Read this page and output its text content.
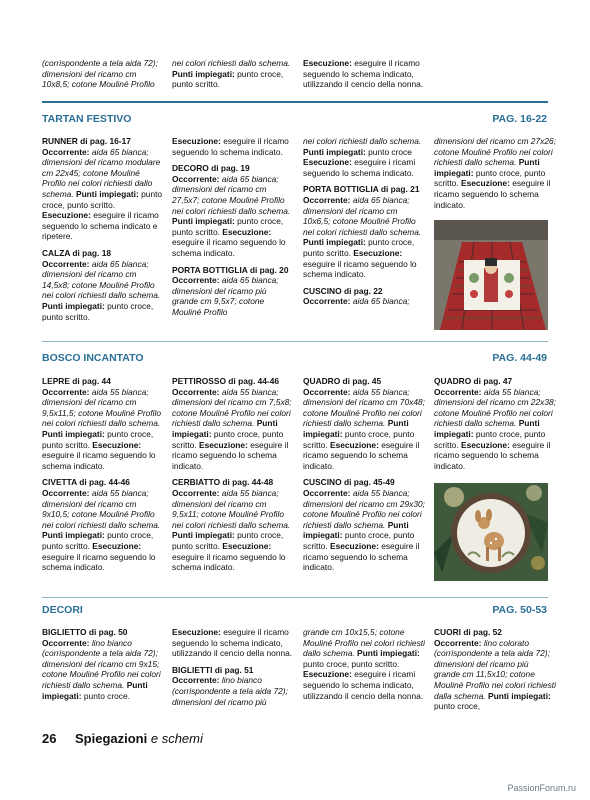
(corrispondente a tela aida 72); dimensioni del ricamo cm 10x8,5; cotone Mouliné Profilo
nei colori richiesti dallo schema. Punti impiegati: punto croce, punto scritto.
Esecuzione: eseguire il ricamo seguendo lo schema indicato, utilizzando il cencio della nonna.
TARTAN FESTIVO	PAG. 16-22

RUNNER di pag. 16-17
Occorrente: aida 65 bianca; dimensioni del ricamo modulare cm 22x45; cotone Mouliné Profilo nei colori richiesti dallo schema. Punti impiegati: punto croce, punto scritto. Esecuzione: eseguire il ricamo seguendo lo schema indicato e ripetere.

CALZA di pag. 18
Occorrente: aida 65 bianca; dimensioni del ricamo cm 14,5x8; cotone Mouliné Profilo nei colori richiesti dallo schema. Punti impiegati: punto croce, punto scritto.

Esecuzione: eseguire il ricamo seguendo lo schema indicato.

DECORO di pag. 19
Occorrente: aida 65 bianca; dimensioni del ricamo cm 27,5x7; cotone Mouliné Profilo nei colori richiesti dallo schema. Punti impiegati: punto croce, punto scritto. Esecuzione: eseguire il ricamo seguendo lo schema indicato.

PORTA BOTTIGLIA di pag. 20
Occorrente: aida 65 bianca; dimensioni del ricamo più grande cm 9,5x7; cotone Mouliné Profilo

nei colori richiesti dallo schema. Punti impiegati: punto croce Esecuzione: eseguire i ricami seguendo lo schema indicato.

PORTA BOTTIGLIA di pag. 21
Occorrente: aida 65 bianca; dimensioni del ricamo cm 10x6,5; cotone Mouliné Profilo nei colori richiesti dallo schema. Punti impiegati: punto croce, punto scritto. Esecuzione: eseguire il ricamo seguendo lo schema indicato.

CUSCINO di pag. 22
Occorrente: aida 65 bianca;

dimensioni del ricamo cm 27x26; cotone Mouliné Profilo nei colori richiesti dallo schema. Punti impiegati: punto croce, punto scritto. Esecuzione: eseguire il ricamo seguendo lo schema indicato.

BOSCO INCANTATO	PAG. 44-49

LEPRE di pag. 44
Occorrente: aida 55 bianca; dimensioni del ricamo cm 9,5x11,5; cotone Mouliné Profilo nei colori richiesti dallo schema. Punti impiegati: punto croce, punto scritto. Esecuzione: eseguire il ricamo seguendo lo schema indicato.

CIVETTA di pag. 44-46
Occorrente: aida 55 bianca; dimensioni del ricamo cm 9x10,5; cotone Mouliné Profilo nei colori richiesti dallo schema. Punti impiegati: punto croce, punto scritto. Esecuzione: eseguire il ricamo seguendo lo schema indicato.

PETTIROSSO di pag. 44-46
Occorrente: aida 55 bianca; dimensioni del ricamo cm 7,5x8; cotone Mouliné Profilo nei colori richiesti dallo schema. Punti impiegati: punto croce, punto scritto. Esecuzione: eseguire il ricamo seguendo lo schema indicato.

CERBIATTO di pag. 44-48
Occorrente: aida 55 bianca; dimensioni del ricamo cm 9,5x11; cotone Mouliné Profilo nei colori richiesti dallo schema. Punti impiegati: punto croce, punto scritto. Esecuzione: eseguire il ricamo seguendo lo schema indicato.

QUADRO di pag. 45
Occorrente: aida 55 bianca; dimensioni del ricamo cm 70x48; cotone Mouliné Profilo nei colori richiesti dallo schema. Punti impiegati: punto croce, punto scritto. Esecuzione: eseguire il ricamo seguendo lo schema indicato.

CUSCINO di pag. 45-49
Occorrente: aida 55 bianca; dimensioni del ricamo cm 29x30; cotone Mouliné Profilo nei colori richiesti dallo schema. Punti impiegati: punto croce, punto scritto. Esecuzione: eseguire il ricamo seguendo lo schema indicato.

QUADRO di pag. 47
Occorrente: aida 55 bianca; dimensioni del ricamo cm 22x38; cotone Mouliné Profilo nei colori richiesti dallo schema. Punti impiegati: punto croce, punto scritto. Esecuzione: eseguire il ricamo seguendo lo schema indicato.

DECORI	PAG. 50-53

BIGLIETTO di pag. 50
Occorrente: lino bianco (corrispondente a tela aida 72); dimensioni del ricamo cm 9x15; cotone Mouliné Profilo nei colori richiesti dallo schema. Punti impiegati: punto croce.

Esecuzione: eseguire il ricamo seguendo lo schema indicato, utilizzando il cencio della nonna.

BIGLIETTI di pag. 51
Occorrente: lino bianco (corrispondente a tela aida 72); dimensioni del ricamo più

grande cm 10x15,5; cotone Mouliné Profilo nei colori richiesti dallo schema. Punti impiegati: punto croce, punto scritto. Esecuzione: eseguire i ricami seguendo lo schema indicato, utilizzando il cencio della nonna.

CUORI di pag. 52
Occorrente: lino colorato (corrispondente a tela aida 72); dimensioni del ricamo più grande cm 11,5x10; cotone Mouliné Profilo nei colori richiesti dalla schema. Punti impiegati: punto croce,

26 Spiegazioni e schemi
PassionForum.ru
